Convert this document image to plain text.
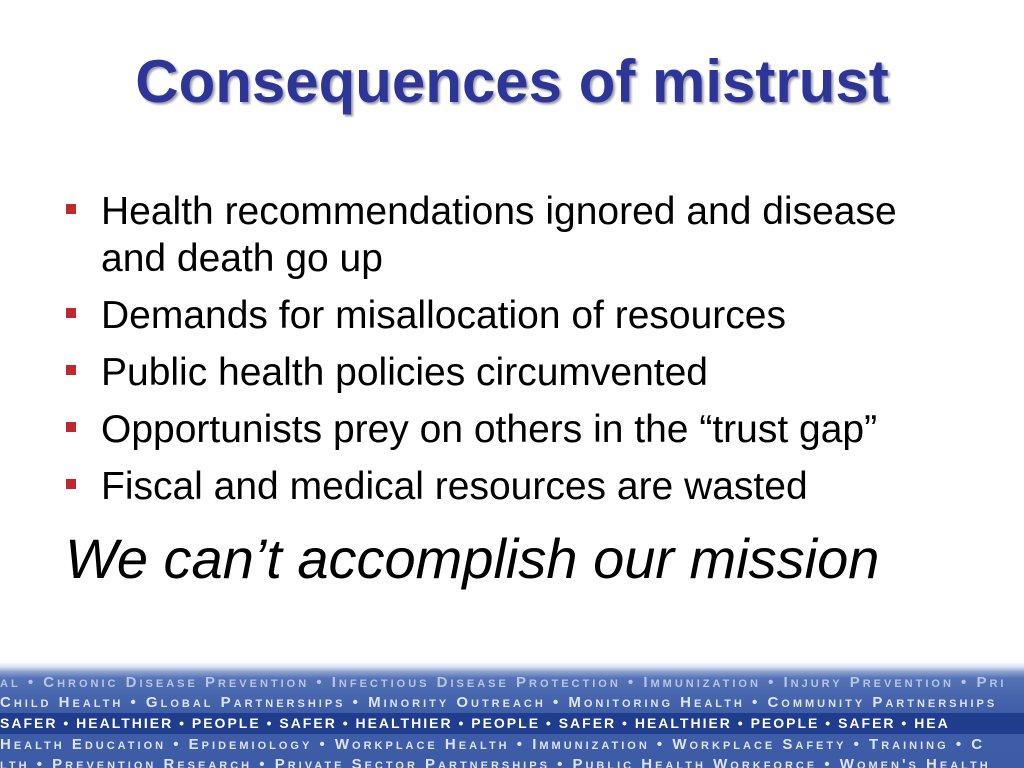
Consequences of mistrust
Health recommendations ignored and disease and death go up
Demands for misallocation of resources
Public health policies circumvented
Opportunists prey on others in the “trust gap”
Fiscal and medical resources are wasted

We can’t accomplish our mission

al • Chronic Disease Prevention • Infectious Disease Protection • Immunization • Injury Prevention • Pri
Child Health • Global Partnerships • Minority Outreach • Monitoring Health • Community Partnerships
SAFER • HEALTHIER • PEOPLE • SAFER • HEALTHIER • PEOPLE • SAFER • HEALTHIER • PEOPLE • SAFER • HEA
Health Education • Epidemiology • Workplace Health • Immunization • Workplace Safety • Training • C
lth • Prevention Research • Private Sector Partnerships • Public Health Workforce • Women's Health
